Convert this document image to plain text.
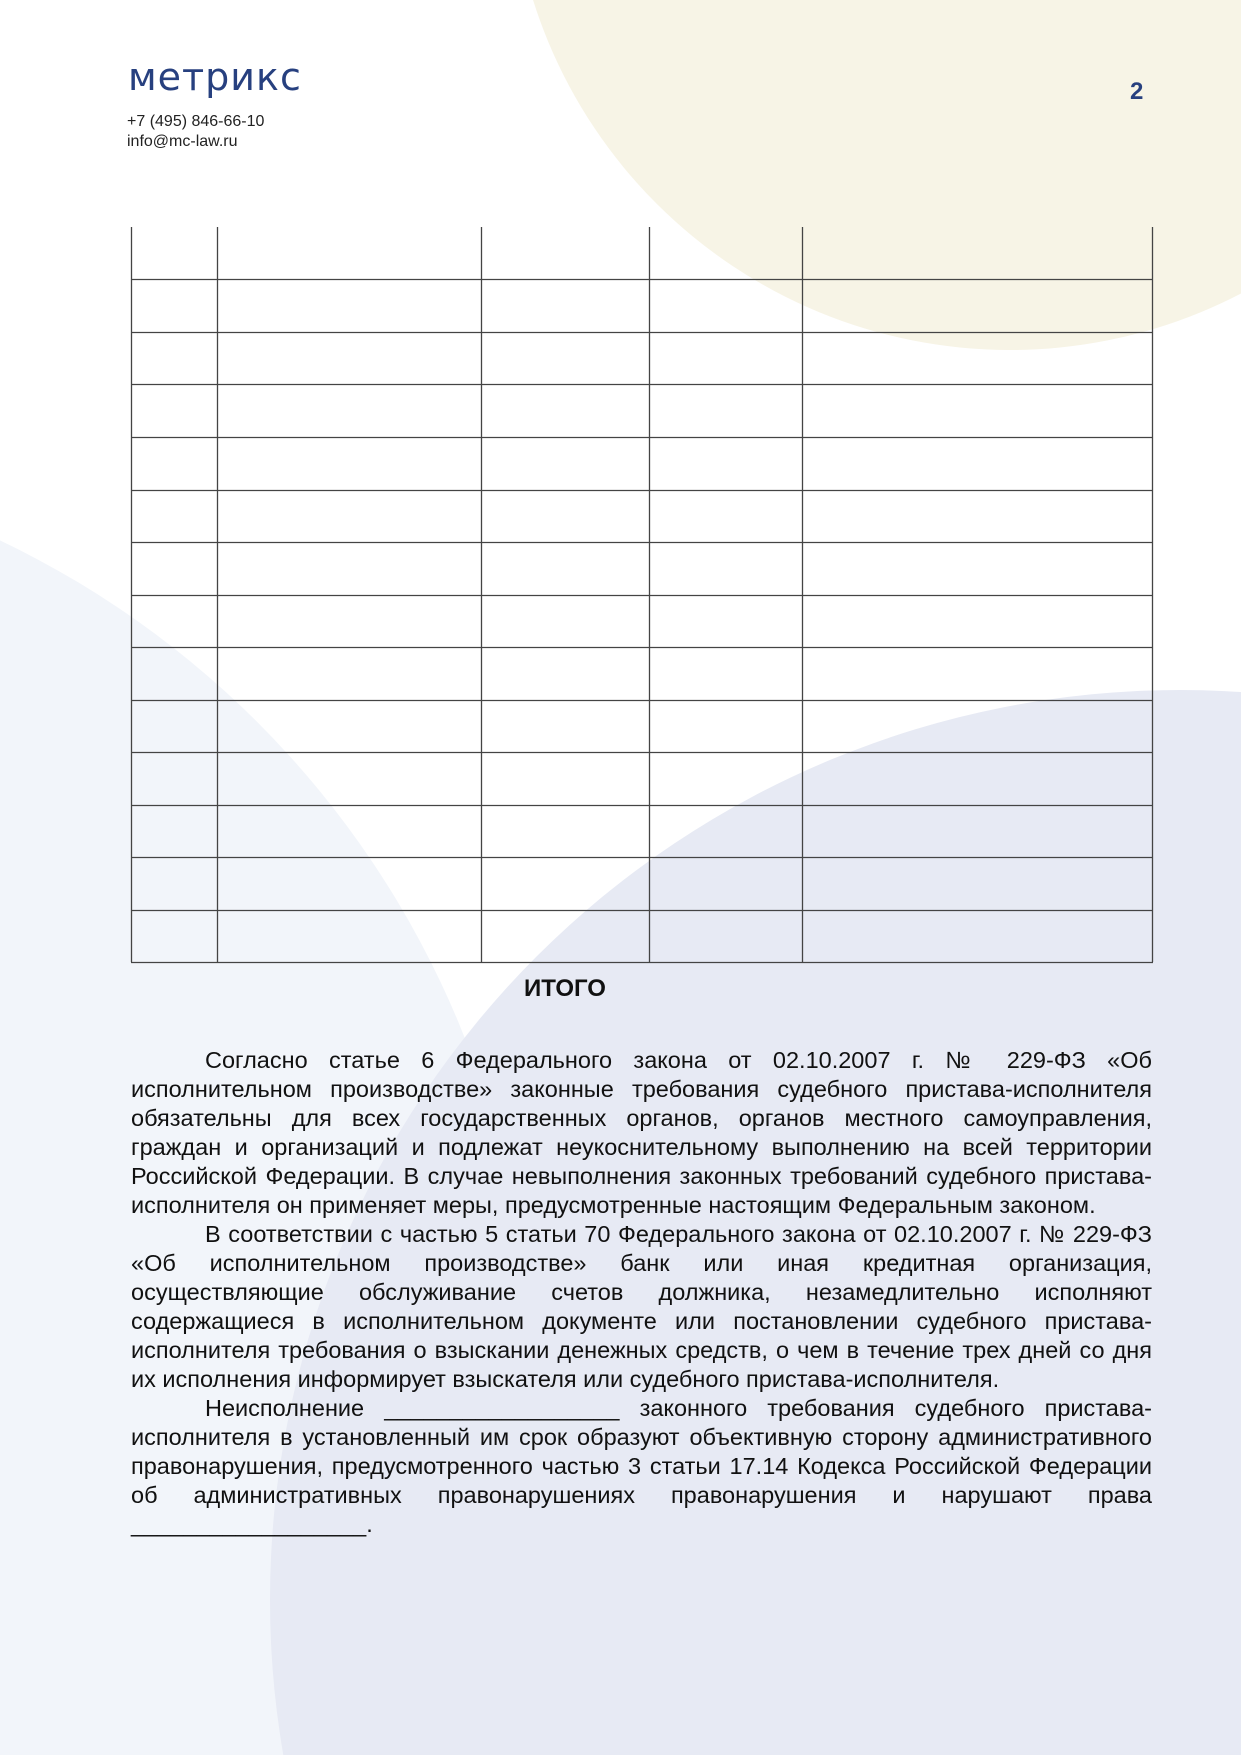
метрикс
+7 (495) 846-66-10
info@mc-law.ru
2
ИТОГО

Согласно статье 6 Федерального закона от 02.10.2007 г. № 229-ФЗ «Об исполнительном производстве» законные требования судебного пристава-исполнителя обязательны для всех государственных органов, органов местного самоуправления, граждан и организаций и подлежат неукоснительному выполнению на всей территории Российской Федерации. В случае невыполнения законных требований судебного пристава-исполнителя он применяет меры, предусмотренные настоящим Федеральным законом.

В соответствии с частью 5 статьи 70 Федерального закона от 02.10.2007 г. № 229-ФЗ «Об исполнительном производстве» банк или иная кредитная организация, осуществляющие обслуживание счетов должника, незамедлительно исполняют содержащиеся в исполнительном документе или постановлении судебного пристава-исполнителя требования о взыскании денежных средств, о чем в течение трех дней со дня их исполнения информирует взыскателя или судебного пристава-исполнителя.

Неисполнение __________________ законного требования судебного пристава-исполнителя в установленный им срок образуют объективную сторону административного правонарушения, предусмотренного частью 3 статьи 17.14 Кодекса Российской Федерации об административных правонарушениях правонарушения и нарушают права __________________.
